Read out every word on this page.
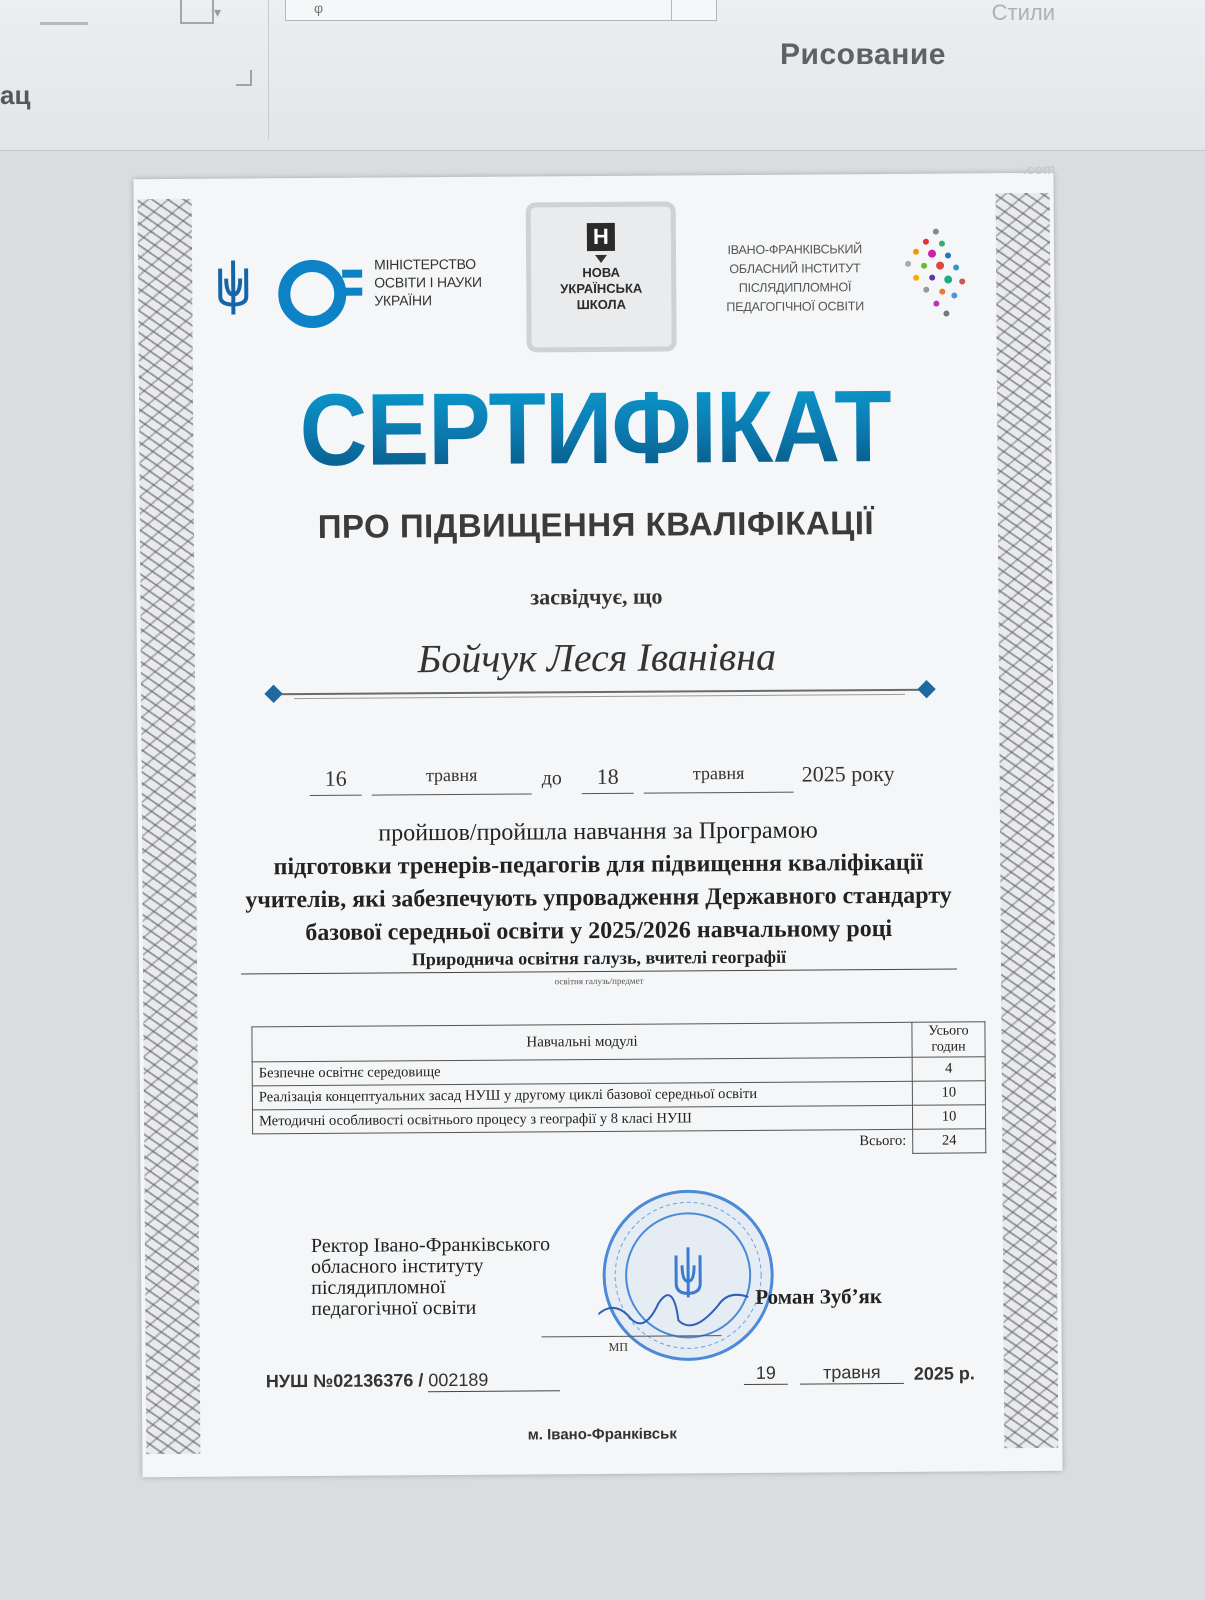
▾	φ	Стили
ац
Рисование
.com
МІНІСТЕРСТВО
ОСВІТИ І НАУКИ
УКРАЇНИ
Н
НОВА
УКРАЇНСЬКА
ШКОЛА
ІВАНО-ФРАНКІВСЬКИЙ
ОБЛАСНИЙ ІНСТИТУТ
ПІСЛЯДИПЛОМНОЇ
ПЕДАГОГІЧНОЇ ОСВІТИ
СЕРТИФІКАТ
ПРО ПІДВИЩЕННЯ КВАЛІФІКАЦІЇ
засвідчує, що
Бойчук Леся Іванівна
16	травня	до	18	травня	2025 року
пройшов/пройшла навчання за Програмою
підготовки тренерів-педагогів для підвищення кваліфікації
учителів, які забезпечують упровадження Державного стандарту
базової середньої освіти у 2025/2026 навчальному році
Природнича освітня галузь, вчителі географії
освітня галузь/предмет
Навчальні модулі	Усього
годин

Безпечне освітнє середовище	4
Реалізація концептуальних засад НУШ у другому циклі базової середньої освіти	10
Методичні особливості освітнього процесу з географії у 8 класі НУШ	10
Всього:	24
Ректор Івано-Франківського
обласного інституту
післядипломної
педагогічної освіти
МП
Роман Зуб’як
НУШ №02136376 / 002189	19	травня	2025 р.
м. Івано-Франківськ
